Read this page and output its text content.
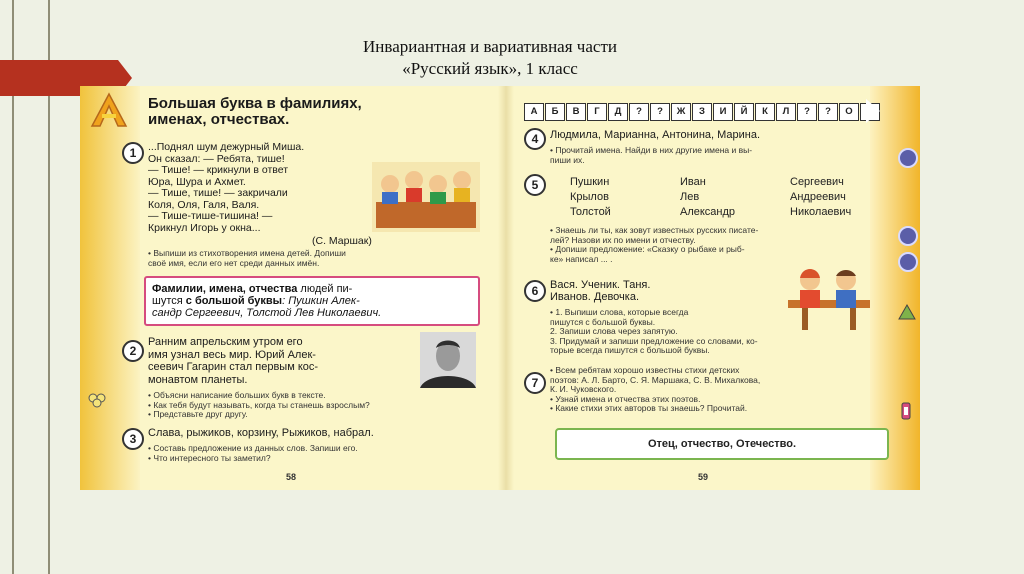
Инвариантная и вариативная части
«Русский язык», 1 класс
Большая буква в фамилиях,
именах, отчествах.
1	...Поднял шум дежурный Миша.
Он сказал: — Ребята, тише!
— Тише! — крикнули в ответ
Юра, Шура и Ахмет.
— Тише, тише! — закричали
Коля, Оля, Галя, Валя.
— Тише-тише-тишина! —
Крикнул Игорь у окна...
(С. Маршак)
• Выпиши из стихотворения имена детей. Допиши
своё имя, если его нет среди данных имён.
Фамилии, имена, отчества людей пи-
шутся с большой буквы: Пушкин Алек-
сандр Сергеевич, Толстой Лев Николаевич.
2
Ранним апрельским утром его
имя узнал весь мир. Юрий Алек-
сеевич Гагарин стал первым кос-
монавтом планеты.
• Объясни написание больших букв в тексте.
• Как тебя будут называть, когда ты станешь взрослым?
• Представьте друг другу.
3	Слава, рыжиков, корзину, Рыжиков, набрал.
• Составь предложение из данных слов. Запиши его.
• Что интересного ты заметил?
58
А	Б	В	Г	Д	?	?	Ж	З	И	Й	К	Л	?	?	О	П
4	Людмила, Марианна, Антонина, Марина.
• Прочитай имена. Найди в них другие имена и вы-
пиши их.
5	Пушкин	Иван	Сергеевич
Крылов	Лев	Андреевич
Толстой	Александр	Николаевич
• Знаешь ли ты, как зовут известных русских писате-
лей? Назови их по имени и отчеству.
• Допиши предложение: «Сказку о рыбаке и рыб-
ке» написал ... .
6	Вася. Ученик. Таня.
Иванов. Девочка.
• 1. Выпиши слова, которые всегда
пишутся с большой буквы.
2. Запиши слова через запятую.
3. Придумай и запиши предложение со словами, ко-
торые всегда пишутся с большой буквы.
7
• Всем ребятам хорошо известны стихи детских
поэтов: А. Л. Барто, С. Я. Маршака, С. В. Михалкова,
К. И. Чуковского.
• Узнай имена и отчества этих поэтов.
• Какие стихи этих авторов ты знаешь? Прочитай.
Отец, отчество, Отечество.
59
